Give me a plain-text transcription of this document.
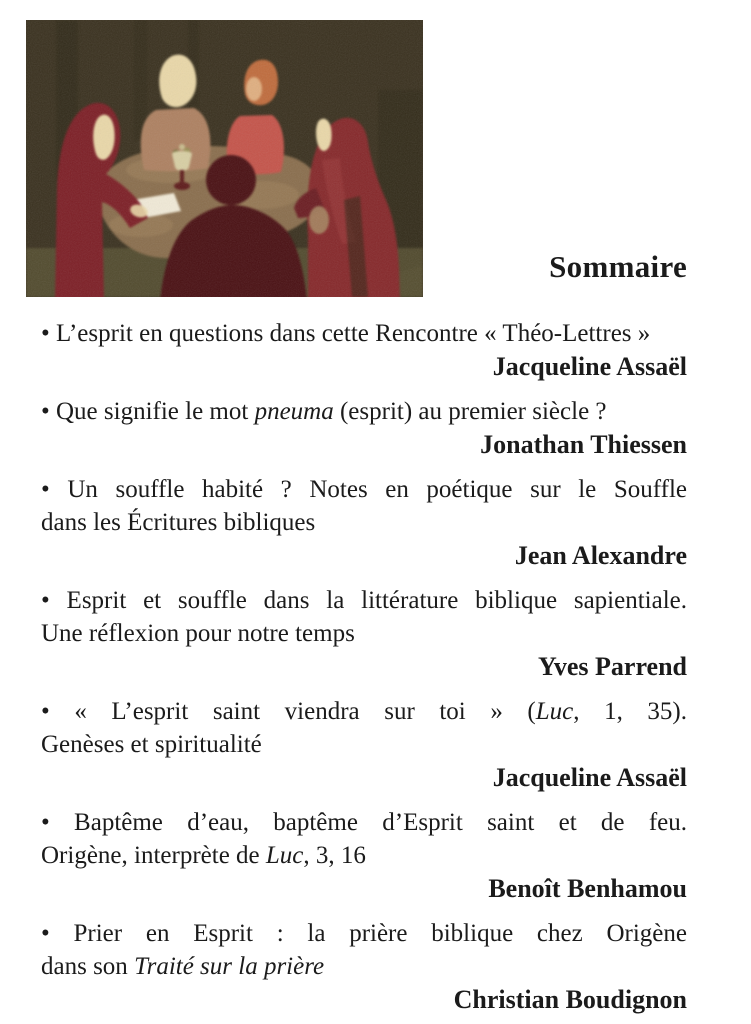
Sommaire

• L’esprit en questions dans cette Rencontre « Théo-Lettres »

Jacqueline Assaël

• Que signifie le mot pneuma (esprit) au premier siècle ?

Jonathan Thiessen

• Un souffle habité ? Notes en poétique sur le Souffle
dans les Écritures bibliques

Jean Alexandre

• Esprit et souffle dans la littérature biblique sapientiale.
Une réflexion pour notre temps

Yves Parrend

• « L’esprit saint viendra sur toi » (Luc, 1, 35).
Genèses et spiritualité

Jacqueline Assaël

• Baptême d’eau, baptême d’Esprit saint et de feu.
Origène, interprète de Luc, 3, 16

Benoît Benhamou

• Prier en Esprit : la prière biblique chez Origène
dans son Traité sur la prière

Christian Boudignon
